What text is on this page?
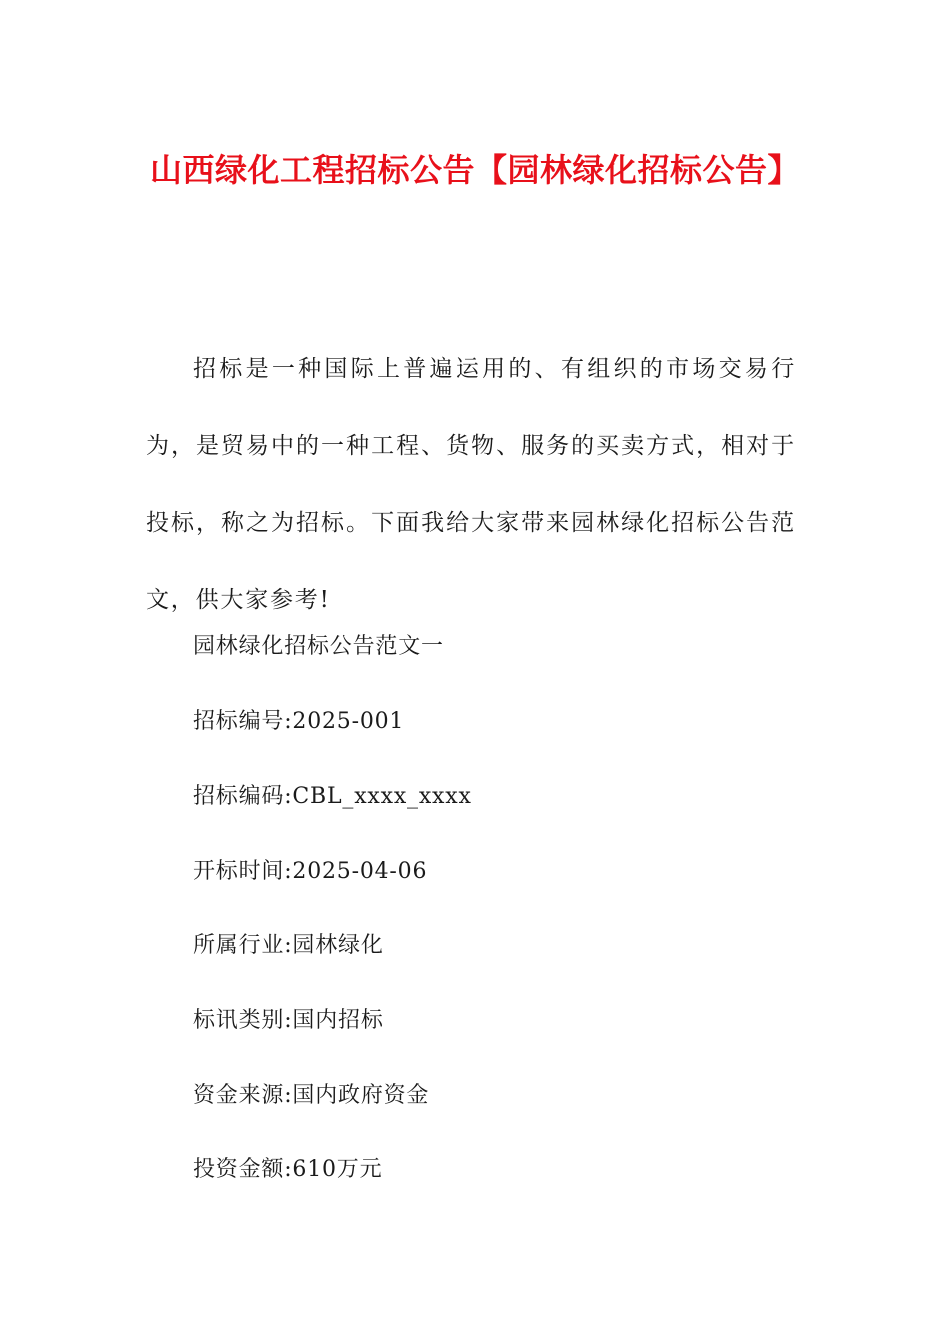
山西绿化工程招标公告【园林绿化招标公告】

招标是一种国际上普遍运用的、有组织的市场交易行为，是贸易中的一种工程、货物、服务的买卖方式，相对于投标，称之为招标。下面我给大家带来园林绿化招标公告范文，供大家参考!

园林绿化招标公告范文一

招标编号:2025-001

招标编码:CBL_xxxx_xxxx

开标时间:2025-04-06

所属行业:园林绿化

标讯类别:国内招标

资金来源:国内政府资金

投资金额:610万元
